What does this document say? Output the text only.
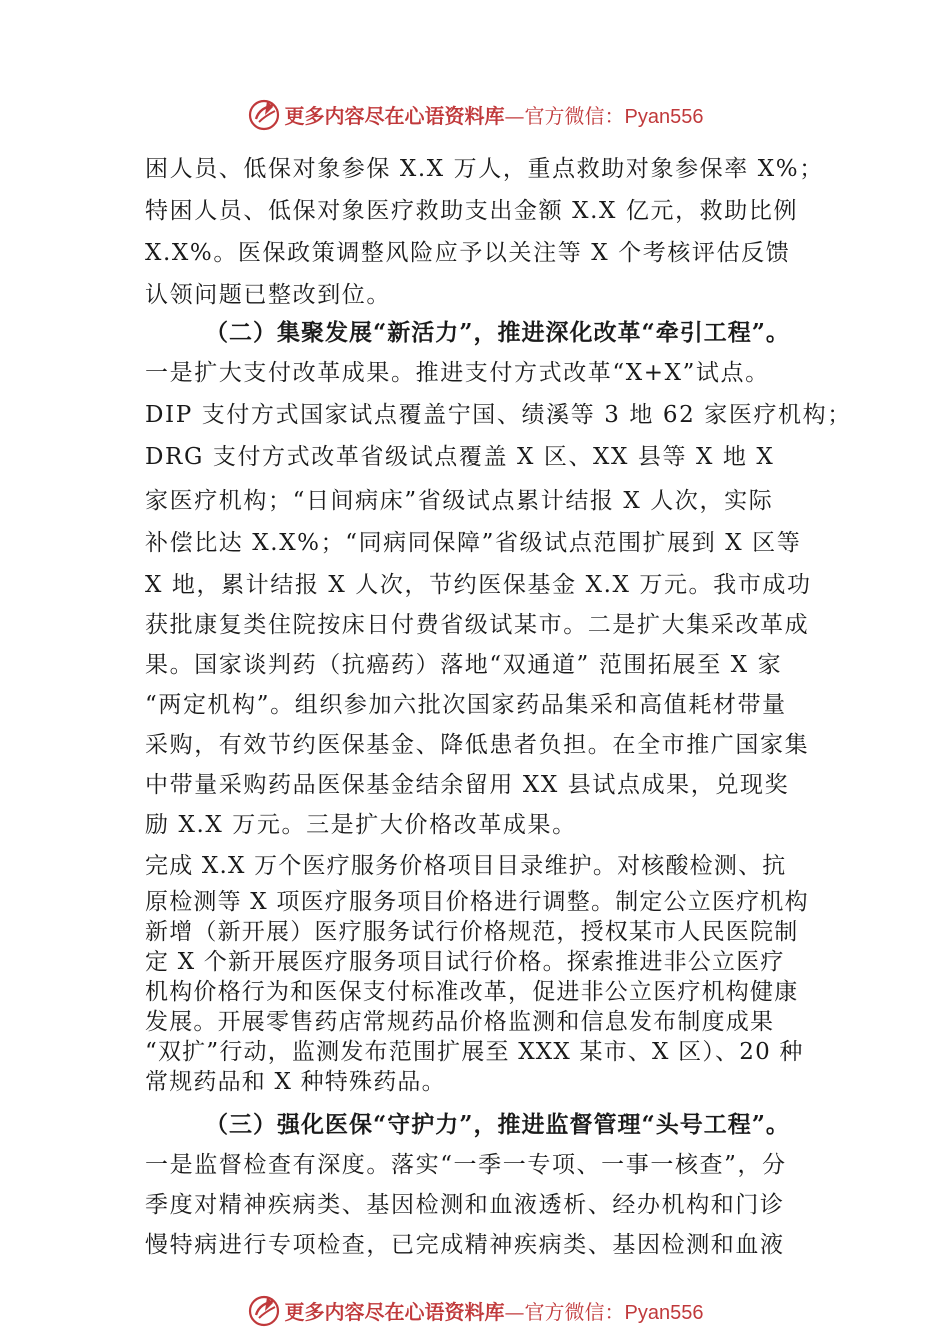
更多内容尽在心语资料库—官方微信：Pyan556
困人员、低保对象参保 X.X 万人，重点救助对象参保率 X%；
特困人员、低保对象医疗救助支出金额 X.X 亿元，救助比例
X.X%。医保政策调整风险应予以关注等 X 个考核评估反馈
认领问题已整改到位。
（二）集聚发展“新活力”，推进深化改革“牵引工程”。
一是扩大支付改革成果。推进支付方式改革“X+X”试点。
DIP 支付方式国家试点覆盖宁国、绩溪等 3 地 62 家医疗机构；
DRG 支付方式改革省级试点覆盖 X 区、XX 县等 X 地 X
家医疗机构；“日间病床”省级试点累计结报 X 人次，实际
补偿比达 X.X%；“同病同保障”省级试点范围扩展到 X 区等
X 地，累计结报 X 人次，节约医保基金 X.X 万元。我市成功
获批康复类住院按床日付费省级试某市。二是扩大集采改革成
果。国家谈判药（抗癌药）落地“双通道” 范围拓展至 X 家
“两定机构”。组织参加六批次国家药品集采和高值耗材带量
采购，有效节约医保基金、降低患者负担。在全市推广国家集
中带量采购药品医保基金结余留用 XX 县试点成果，兑现奖
励 X.X 万元。三是扩大价格改革成果。
完成 X.X 万个医疗服务价格项目目录维护。对核酸检测、抗
原检测等 X 项医疗服务项目价格进行调整。制定公立医疗机构
新增（新开展）医疗服务试行价格规范，授权某市人民医院制
定 X 个新开展医疗服务项目试行价格。探索推进非公立医疗
机构价格行为和医保支付标准改革，促进非公立医疗机构健康
发展。开展零售药店常规药品价格监测和信息发布制度成果
“双扩”行动，监测发布范围扩展至 XXX 某市、X 区）、20 种
常规药品和 X 种特殊药品。
（三）强化医保“守护力”，推进监督管理“头号工程”。
一是监督检查有深度。落实“一季一专项、一事一核查”，分
季度对精神疾病类、基因检测和血液透析、经办机构和门诊
慢特病进行专项检查，已完成精神疾病类、基因检测和血液
更多内容尽在心语资料库—官方微信：Pyan556
